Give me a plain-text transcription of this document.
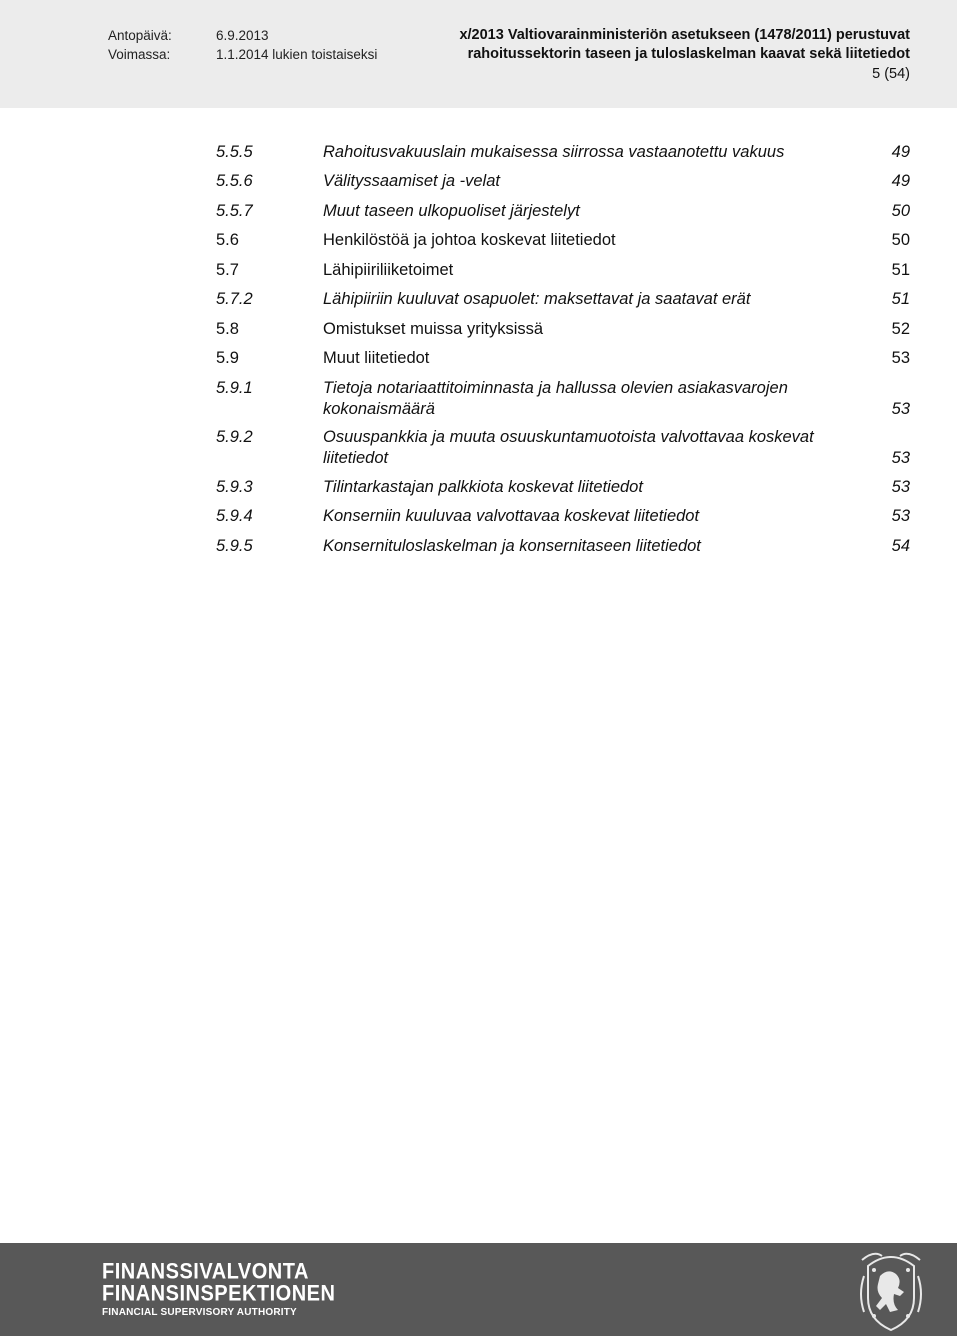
Antopäivä:	6.9.2013
Voimassa:	1.1.2014 lukien toistaiseksi
x/2013 Valtiovarainministeriön asetukseen (1478/2011) perustuvat
rahoitussektorin taseen ja tuloslaskelman kaavat sekä liitetiedot
5 (54)
5.5.5	Rahoitusvakuuslain mukaisessa siirrossa vastaanotettu vakuus	49
5.5.6	Välityssaamiset ja -velat	49
5.5.7	Muut taseen ulkopuoliset järjestelyt	50
5.6	Henkilöstöä ja johtoa koskevat liitetiedot	50
5.7	Lähipiiriliiketoimet	51
5.7.2	Lähipiiriin kuuluvat osapuolet: maksettavat ja saatavat erät	51
5.8	Omistukset muissa yrityksissä	52
5.9	Muut liitetiedot	53
5.9.1	Tietoja notariaattitoiminnasta ja hallussa olevien asiakasvarojen
kokonaismäärä	53
5.9.2	Osuuspankkia ja muuta osuuskuntamuotoista valvottavaa koskevat
liitetiedot	53
5.9.3	Tilintarkastajan palkkiota koskevat liitetiedot	53
5.9.4	Konserniin kuuluvaa valvottavaa koskevat liitetiedot	53
5.9.5	Konsernituloslaskelman ja konsernitaseen liitetiedot	54
FINANSSIVALVONTA
FINANSINSPEKTIONEN
FINANCIAL SUPERVISORY AUTHORITY
